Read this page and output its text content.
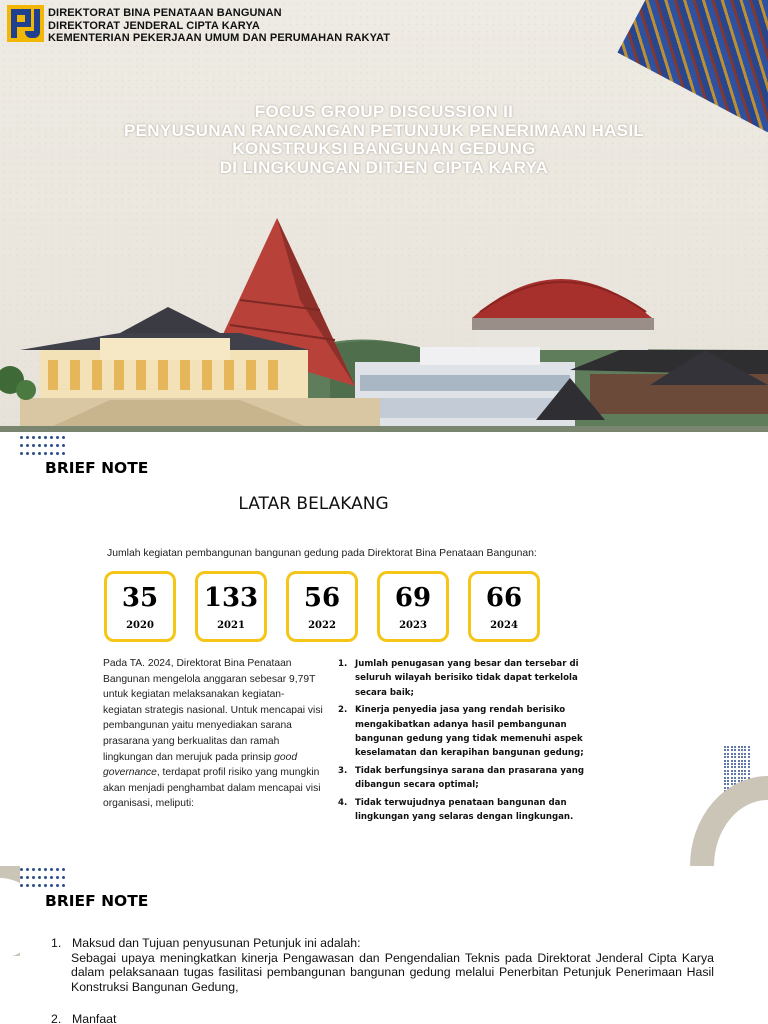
DIREKTORAT BINA PENATAAN BANGUNAN
DIREKTORAT JENDERAL CIPTA KARYA
KEMENTERIAN PEKERJAAN UMUM DAN PERUMAHAN RAKYAT
FOCUS GROUP DISCUSSION II
PENYUSUNAN RANCANGAN PETUNJUK PENERIMAAN HASIL
KONSTRUKSI BANGUNAN GEDUNG
DI LINGKUNGAN DITJEN CIPTA KARYA
BRIEF NOTE
LATAR BELAKANG
Jumlah kegiatan pembangunan bangunan gedung pada Direktorat Bina Penataan Bangunan:
35
2020
133
2021
56
2022
69
2023
66
2024

Pada TA. 2024, Direktorat Bina Penataan Bangunan mengelola anggaran sebesar 9,79T untuk kegiatan melaksanakan kegiatan-kegiatan strategis nasional. Untuk mencapai visi pembangunan yaitu menyediakan sarana prasarana yang berkualitas dan ramah lingkungan dan merujuk pada prinsip good governance, terdapat profil risiko yang mungkin akan menjadi penghambat dalam mencapai visi organisasi, meliputi:

1. Jumlah penugasan yang besar dan tersebar di seluruh wilayah berisiko tidak dapat terkelola secara baik;
2. Kinerja penyedia jasa yang rendah berisiko mengakibatkan adanya hasil pembangunan bangunan gedung yang tidak memenuhi aspek keselamatan dan kerapihan bangunan gedung;
3. Tidak berfungsinya sarana dan prasarana yang dibangun secara optimal;
4. Tidak terwujudnya penataan bangunan dan lingkungan yang selaras dengan lingkungan.
BRIEF NOTE
1. Maksud dan Tujuan penyusunan Petunjuk ini adalah:
Sebagai upaya meningkatkan kinerja Pengawasan dan Pengendalian Teknis pada Direktorat Jenderal Cipta Karya dalam pelaksanaan tugas fasilitasi pembangunan bangunan gedung melalui Penerbitan Petunjuk Penerimaan Hasil Konstruksi Bangunan Gedung,
2. Manfaat
